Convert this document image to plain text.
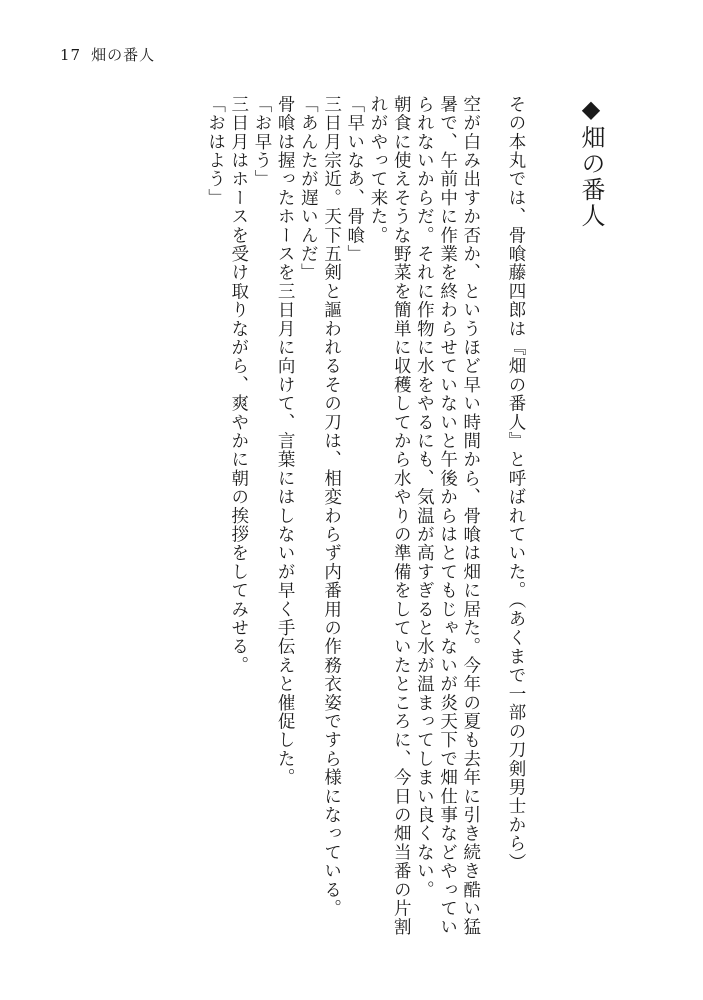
17 畑の番人
◆畑の番人

その本丸では、骨喰藤四郎は『畑の番人』と呼ばれていた。（あくまで一部の刀剣男士から）

空が白み出すか否か、というほど早い時間から、骨喰は畑に居た。今年の夏も去年に引き続き酷い猛暑で、午前中に作業を終わらせていないと午後からはとてもじゃないが炎天下で畑仕事などやっていられないからだ。それに作物に水をやるにも、気温が高すぎると水が温まってしまい良くない。

朝食に使えそうな野菜を簡単に収穫してから水やりの準備をしていたところに、今日の畑当番の片割れがやって来た。

「早いなあ、骨喰」

三日月宗近。天下五剣と謳われるその刀は、相変わらず内番用の作務衣姿ですら様になっている。

「あんたが遅いんだ」

骨喰は握ったホースを三日月に向けて、言葉にはしないが早く手伝えと催促した。

「お早う」

三日月はホースを受け取りながら、爽やかに朝の挨拶をしてみせる。

「おはよう」
